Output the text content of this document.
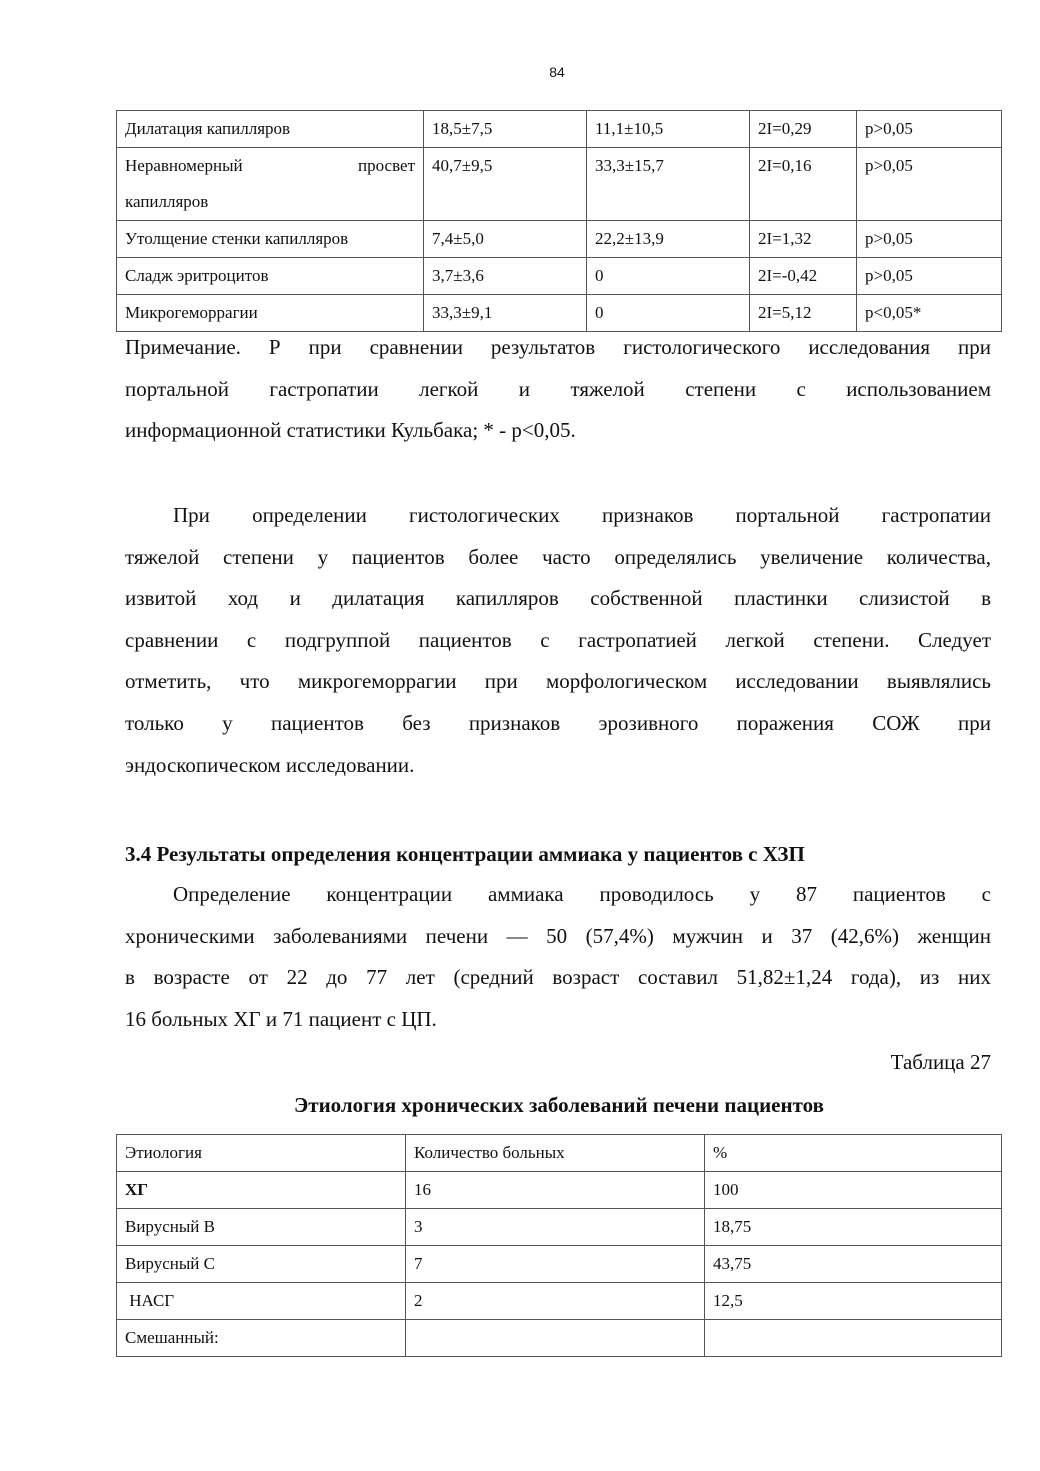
84
Дилатация капилляров	18,5±7,5	11,1±10,5	2I=0,29	p>0,05

Неравномерный просвет
капилляров	40,7±9,5	33,3±15,7	2I=0,16	p>0,05
Утолщение стенки капилляров	7,4±5,0	22,2±13,9	2I=1,32	p>0,05
Сладж эритроцитов	3,7±3,6	0	2I=-0,42	p>0,05
Микрогеморрагии	33,3±9,1	0	2I=5,12	p<0,05*
Примечание. Р при сравнении результатов гистологического исследования при
портальной гастропатии легкой и тяжелой степени с использованием
информационной статистики Кульбака; * - p<0,05.
При определении гистологических признаков портальной гастропатии
тяжелой степени у пациентов более часто определялись увеличение количества,
извитой ход и дилатация капилляров собственной пластинки слизистой в
сравнении с подгруппой пациентов с гастропатией легкой степени. Следует
отметить, что микрогеморрагии при морфологическом исследовании выявлялись
только у пациентов без признаков эрозивного поражения СОЖ при
эндоскопическом исследовании.
3.4 Результаты определения концентрации аммиака у пациентов с ХЗП
Определение концентрации аммиака проводилось у 87 пациентов с
хроническими заболеваниями печени — 50 (57,4%) мужчин и 37 (42,6%) женщин
в возрасте от 22 до 77 лет (средний возраст составил 51,82±1,24 года), из них
16 больных ХГ и 71 пациент с ЦП.
Таблица 27
Этиология хронических заболеваний печени пациентов
Этиология	Количество больных	%
ХГ	16	100
Вирусный В	3	18,75
Вирусный С	7	43,75
НАСГ	2	12,5
Смешанный:		
